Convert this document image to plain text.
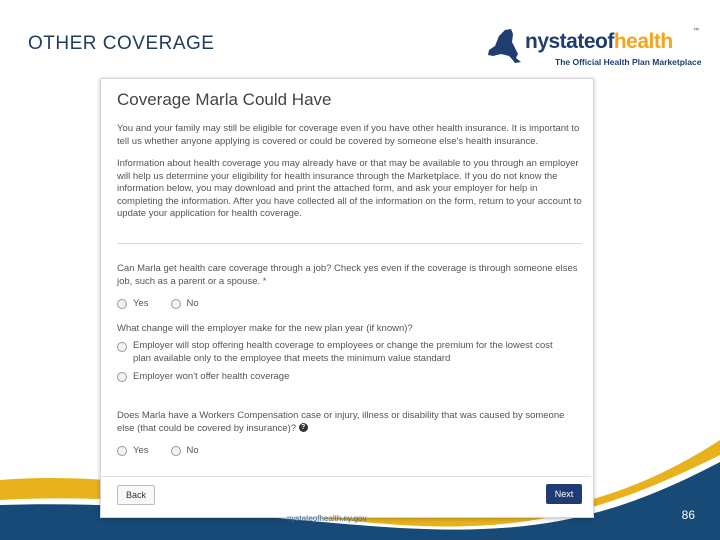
OTHER COVERAGE	nystateofhealth	™
The Official Health Plan Marketplace
Coverage Marla Could Have

You and your family may still be eligible for coverage even if you have other health insurance. It is important to tell us whether anyone applying is covered or could be covered by someone else's health insurance.

Information about health coverage you may already have or that may be available to you through an employer will help us determine your eligibility for health insurance through the Marketplace. If you do not know the information below, you may download and print the attached form, and ask your employer for help in completing the information. After you have collected all of the information on the form, return to your account to update your application for health coverage.

Can Marla get health care coverage through a job? Check yes even if the coverage is through someone elses job, such as a parent or a spouse. *
Yes	No
What change will the employer make for the new plan year (if known)?
Employer will stop offering health coverage to employees or change the premium for the lowest cost plan available only to the employee that meets the minimum value standard
Employer won't offer health coverage
Does Marla have a Workers Compensation case or injury, illness or disability that was caused by someone else (that could be covered by insurance)? ?
Yes	No
Back	Next
nystateofhealth.ny.gov	86
